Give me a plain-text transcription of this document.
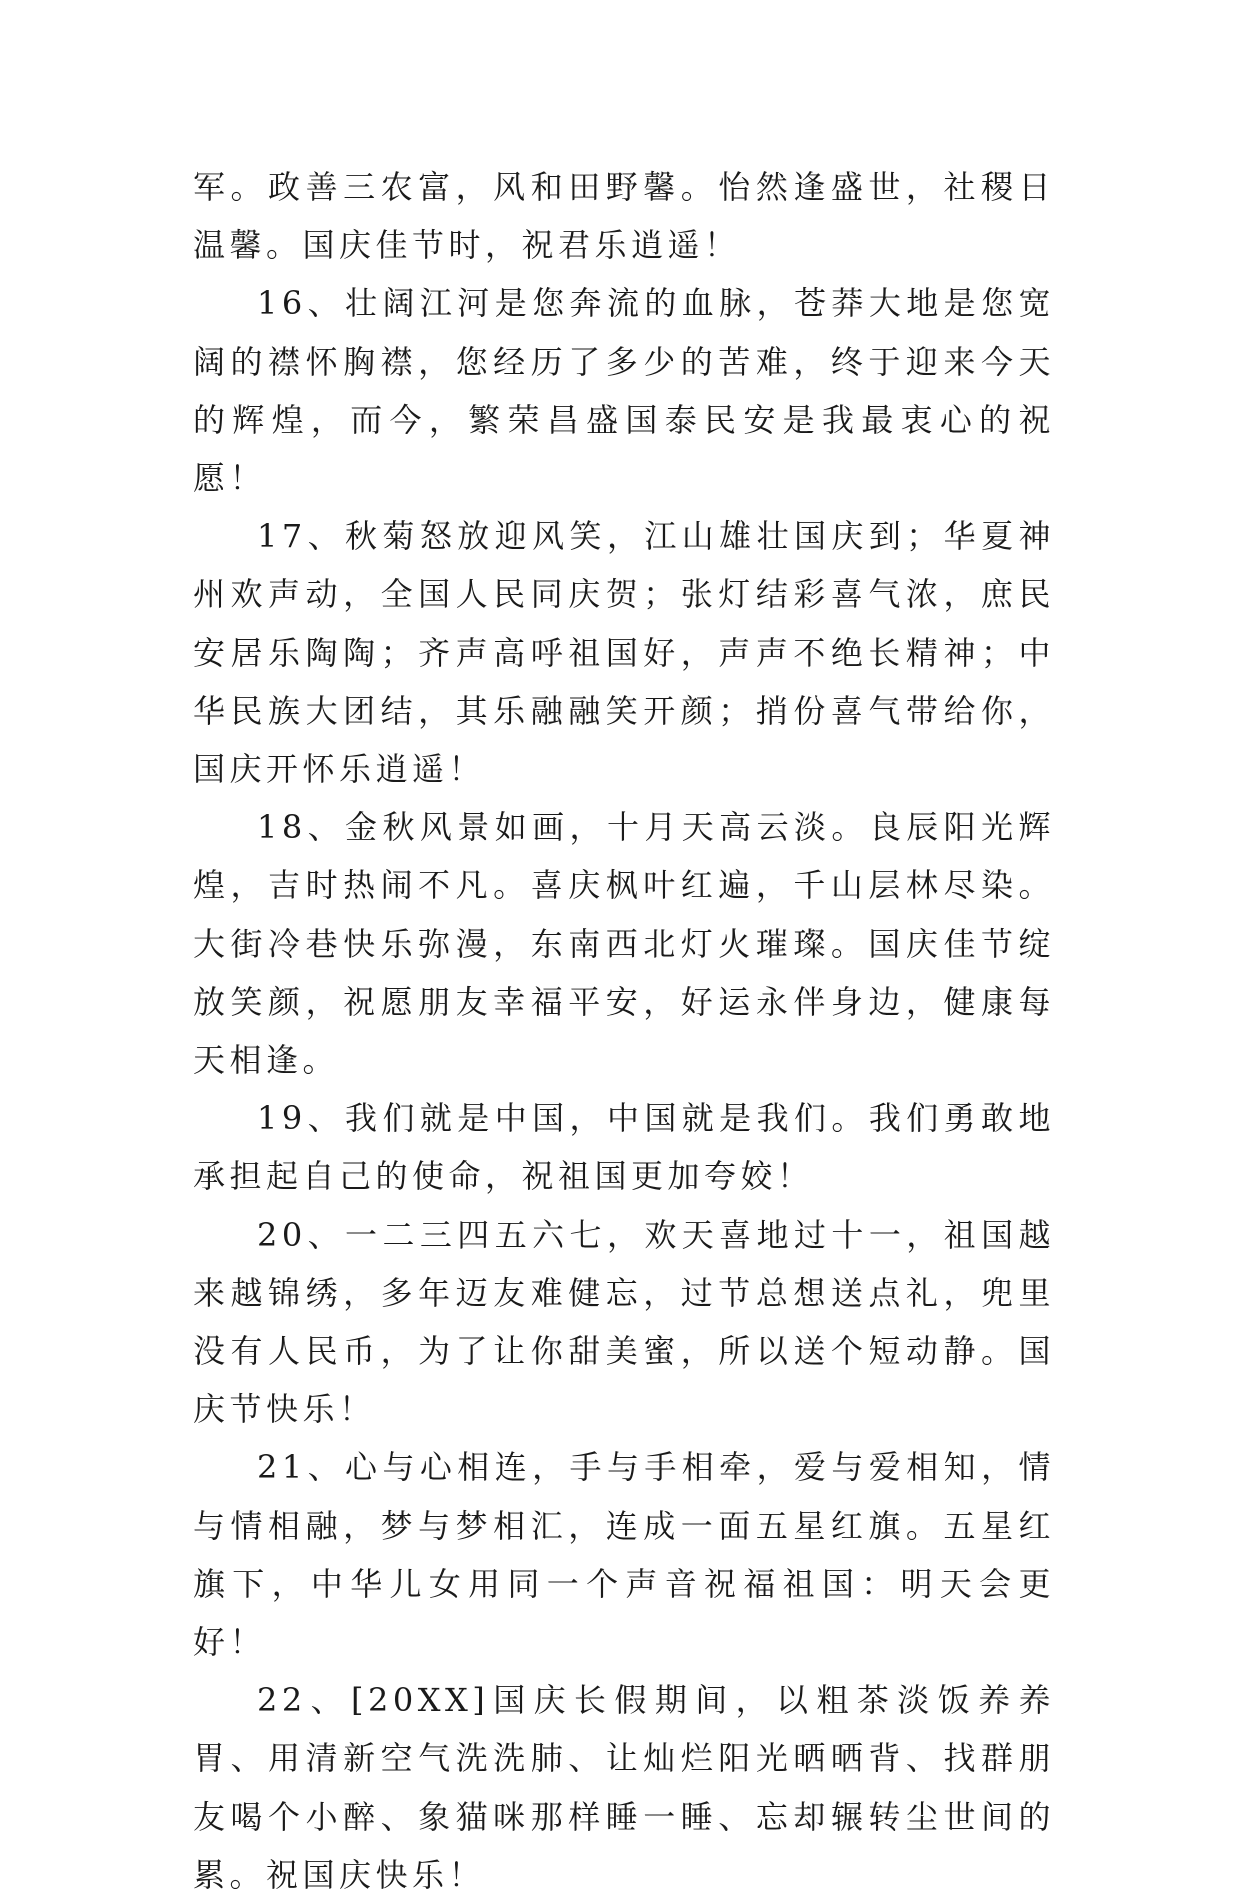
军。政善三农富，风和田野馨。怡然逢盛世，社稷日温馨。国庆佳节时，祝君乐逍遥！

16、壮阔江河是您奔流的血脉，苍莽大地是您宽阔的襟怀胸襟，您经历了多少的苦难，终于迎来今天的辉煌，而今，繁荣昌盛国泰民安是我最衷心的祝愿！

17、秋菊怒放迎风笑，江山雄壮国庆到；华夏神州欢声动，全国人民同庆贺；张灯结彩喜气浓，庶民安居乐陶陶；齐声高呼祖国好，声声不绝长精神；中华民族大团结，其乐融融笑开颜；捎份喜气带给你，国庆开怀乐逍遥！

18、金秋风景如画，十月天高云淡。良辰阳光辉煌，吉时热闹不凡。喜庆枫叶红遍，千山层林尽染。大街冷巷快乐弥漫，东南西北灯火璀璨。国庆佳节绽放笑颜，祝愿朋友幸福平安，好运永伴身边，健康每天相逢。

19、我们就是中国，中国就是我们。我们勇敢地承担起自己的使命，祝祖国更加夸姣！

20、一二三四五六七，欢天喜地过十一，祖国越来越锦绣，多年迈友难健忘，过节总想送点礼，兜里没有人民币，为了让你甜美蜜，所以送个短动静。国庆节快乐！

21、心与心相连，手与手相牵，爱与爱相知，情与情相融，梦与梦相汇，连成一面五星红旗。五星红旗下，中华儿女用同一个声音祝福祖国：明天会更好！

22、[20XX]国庆长假期间，以粗茶淡饭养养胃、用清新空气洗洗肺、让灿烂阳光晒晒背、找群朋友喝个小醉、象猫咪那样睡一睡、忘却辗转尘世间的累。祝国庆快乐！
